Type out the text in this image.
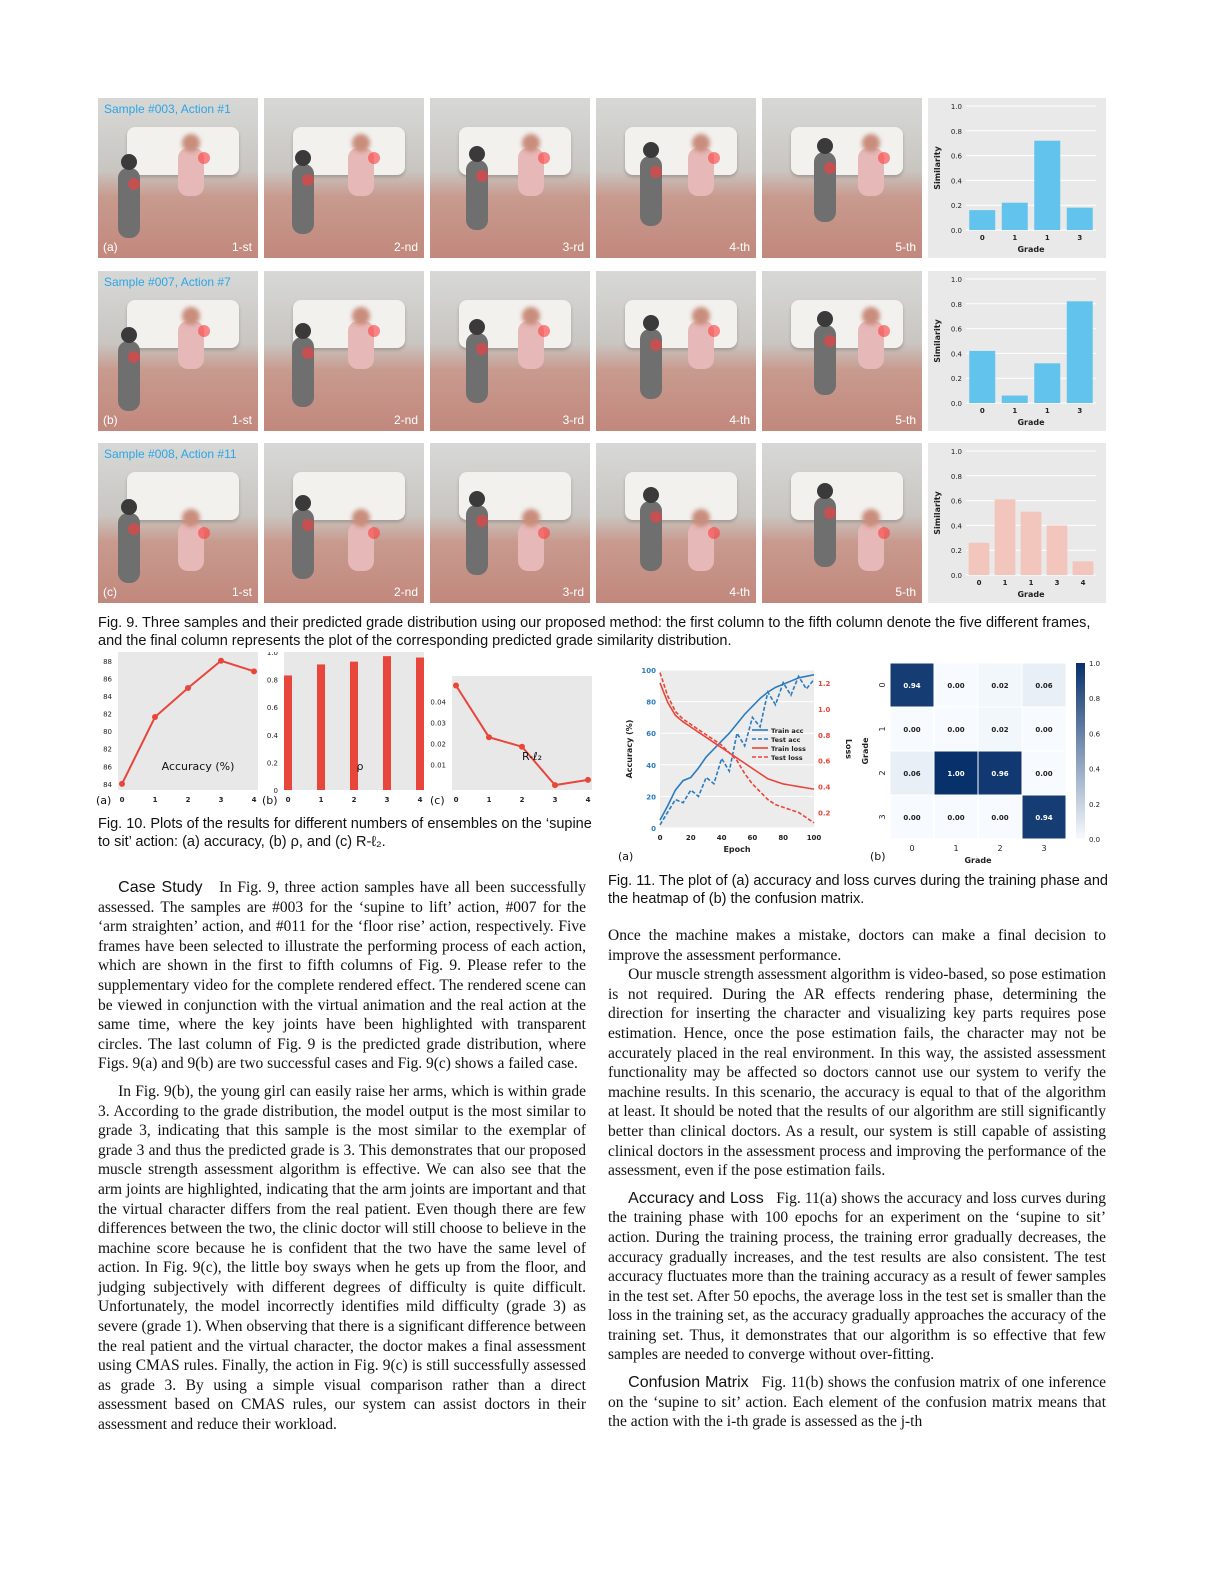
Sample #003, Action #1
(a)	1-st	2-nd	3-rd	4-th	5-th
0.0
0.2
0.4
0.6
0.8
1.0
0	1	1	3
Grade
Similarity
Sample #007, Action #7
(b)	1-st	2-nd	3-rd	4-th	5-th
0.0
0.2
0.4
0.6
0.8
1.0
0	1	1	3
Grade
Similarity
Sample #008, Action #11
(c)	1-st	2-nd	3-rd	4-th	5-th
0.0
0.2
0.4
0.6
0.8
1.0
0	1	1	3	4
Grade
Similarity
Fig. 9. Three samples and their predicted grade distribution using our proposed method: the first column to the fifth column denote the five different frames, and the final column represents the plot of the corresponding predicted grade similarity distribution.
84
86
82
80
82
84
86
88
0	1	2	3	4
Accuracy (%)
(a)
0
0.2
0.4
0.6
0.8
1.0
0	1	2	3	4
ρ
(b)
0.01
0.02
0.03
0.04
0	1	2	3	4
R-ℓ₂
(c)
Fig. 10. Plots of the results for different numbers of ensembles on the ‘supine to sit’ action: (a) accuracy, (b) ρ, and (c) R-ℓ₂.
0
20
40
60
80
100
0.2
0.4
0.6
0.8
1.0
1.2
0	20	40	60	80	100
Epoch
Accuracy (%)	Loss
Train acc
Test acc
Train loss
Test loss
(a)
0.94	0.00	0.02	0.06
0.00	0.00	0.02	0.00
0.06	1.00	0.96	0.00
0.00	0.00	0.00	0.94
0	1	2	3
0
1
2
3
Grade
Grade
0.0
0.2
0.4
0.6
0.8
1.0
(b)
Fig. 11. The plot of (a) accuracy and loss curves during the training phase and the heatmap of (b) the confusion matrix.

Case Study In Fig. 9, three action samples have all been successfully assessed. The samples are #003 for the ‘supine to lift’ action, #007 for the ‘arm straighten’ action, and #011 for the ‘floor rise’ action, respectively. Five frames have been selected to illustrate the performing process of each action, which are shown in the first to fifth columns of Fig. 9. Please refer to the supplementary video for the complete rendered effect. The rendered scene can be viewed in conjunction with the virtual animation and the real action at the same time, where the key joints have been highlighted with transparent circles. The last column of Fig. 9 is the predicted grade distribution, where Figs. 9(a) and 9(b) are two successful cases and Fig. 9(c) shows a failed case.

In Fig. 9(b), the young girl can easily raise her arms, which is within grade 3. According to the grade distribution, the model output is the most similar to grade 3, indicating that this sample is the most similar to the exemplar of grade 3 and thus the predicted grade is 3. This demonstrates that our proposed muscle strength assessment algorithm is effective. We can also see that the arm joints are highlighted, indicating that the arm joints are important and that the virtual character differs from the real patient. Even though there are few differences between the two, the clinic doctor will still choose to believe in the machine score because he is confident that the two have the same level of action. In Fig. 9(c), the little boy sways when he gets up from the floor, and judging subjectively with different degrees of difficulty is quite difficult. Unfortunately, the model incorrectly identifies mild difficulty (grade 3) as severe (grade 1). When observing that there is a significant difference between the real patient and the virtual character, the doctor makes a final assessment using CMAS rules. Finally, the action in Fig. 9(c) is still successfully assessed as grade 3. By using a simple visual comparison rather than a direct assessment based on CMAS rules, our system can assist doctors in their assessment and reduce their workload.

Once the machine makes a mistake, doctors can make a final decision to improve the assessment performance.

Our muscle strength assessment algorithm is video-based, so pose estimation is not required. During the AR effects rendering phase, determining the direction for inserting the character and visualizing key parts requires pose estimation. Hence, once the pose estimation fails, the character may not be accurately placed in the real environment. In this way, the assisted assessment functionality may be affected so doctors cannot use our system to verify the machine results. In this scenario, the accuracy is equal to that of the algorithm at least. It should be noted that the results of our algorithm are still significantly better than clinical doctors. As a result, our system is still capable of assisting clinical doctors in the assessment process and improving the performance of the assessment, even if the pose estimation fails.

Accuracy and Loss Fig. 11(a) shows the accuracy and loss curves during the training phase with 100 epochs for an experiment on the ‘supine to sit’ action. During the training process, the training error gradually decreases, the accuracy gradually increases, and the test results are also consistent. The test accuracy fluctuates more than the training accuracy as a result of fewer samples in the test set. After 50 epochs, the average loss in the test set is smaller than the loss in the training set, as the accuracy gradually approaches the accuracy of the training set. Thus, it demonstrates that our algorithm is so effective that few samples are needed to converge without over-fitting.

Confusion Matrix Fig. 11(b) shows the confusion matrix of one inference on the ‘supine to sit’ action. Each element of the confusion matrix means that the action with the i-th grade is assessed as the j-th
